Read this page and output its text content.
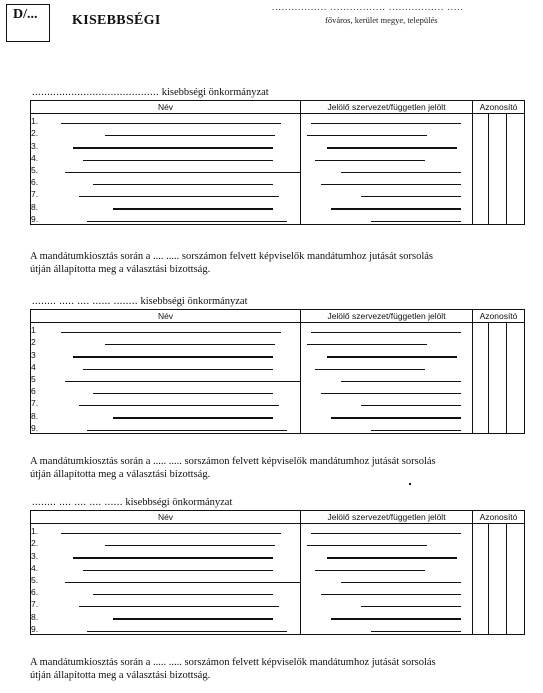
D/... KISEBBSÉGI
................. ................. ................. .....
főváros, kerület megye, település
.......................................... kisebbségi önkormányzat
Név		Jelölő szervezet/független jelölt	Azonosító		
1.	

2.	

3.	

4.	

5.	

6.	

7.	

8.	

9.	

A mandátumkiosztás során a .... ..... sorszámon felvett képviselők mandátumhoz jutását sorsolás

útján állapította meg a választási bizottság.

........ ..... .... ...... ........ kisebbségi önkormányzat
Név		Jelölő szervezet/független jelölt	Azonosító		
1	

2	

3	

4	

5	

6	

7.	

8.	

9.	

A mandátumkiosztás során a ..... ..... sorszámon felvett képviselők mandátumhoz jutását sorsolás

útján állapította meg a választási bizottság.

........ .... .... .... ...... kisebbségi önkormányzat
Név		Jelölő szervezet/független jelölt	Azonosító		
1.	

2.	

3.	

4.	

5.	

6.	

7.	

8.	

9.	

A mandátumkiosztás során a ..... ..... sorszámon felvett képviselők mandátumhoz jutását sorsolás

útján állapította meg a választási bizottság.
